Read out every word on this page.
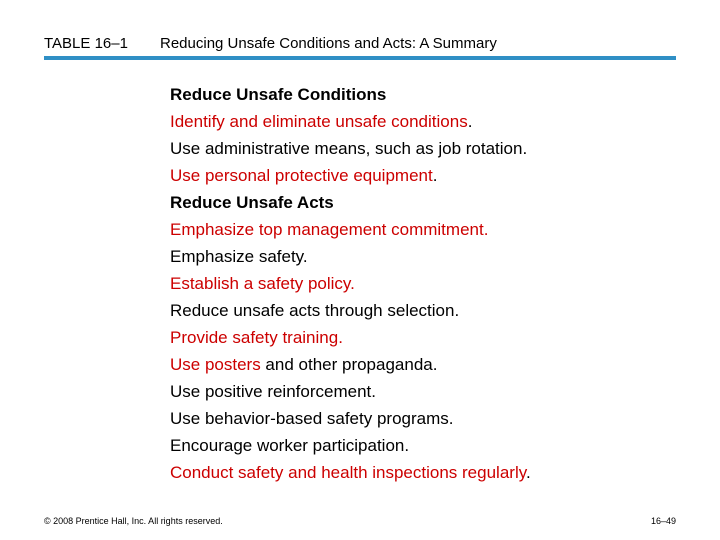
TABLE 16–1 Reducing Unsafe Conditions and Acts: A Summary
Reduce Unsafe Conditions
Identify and eliminate unsafe conditions.
Use administrative means, such as job rotation.
Use personal protective equipment.
Reduce Unsafe Acts
Emphasize top management commitment.
Emphasize safety.
Establish a safety policy.
Reduce unsafe acts through selection.
Provide safety training.
Use posters and other propaganda.
Use positive reinforcement.
Use behavior-based safety programs.
Encourage worker participation.
Conduct safety and health inspections regularly.
© 2008 Prentice Hall, Inc. All rights reserved.	16–49
